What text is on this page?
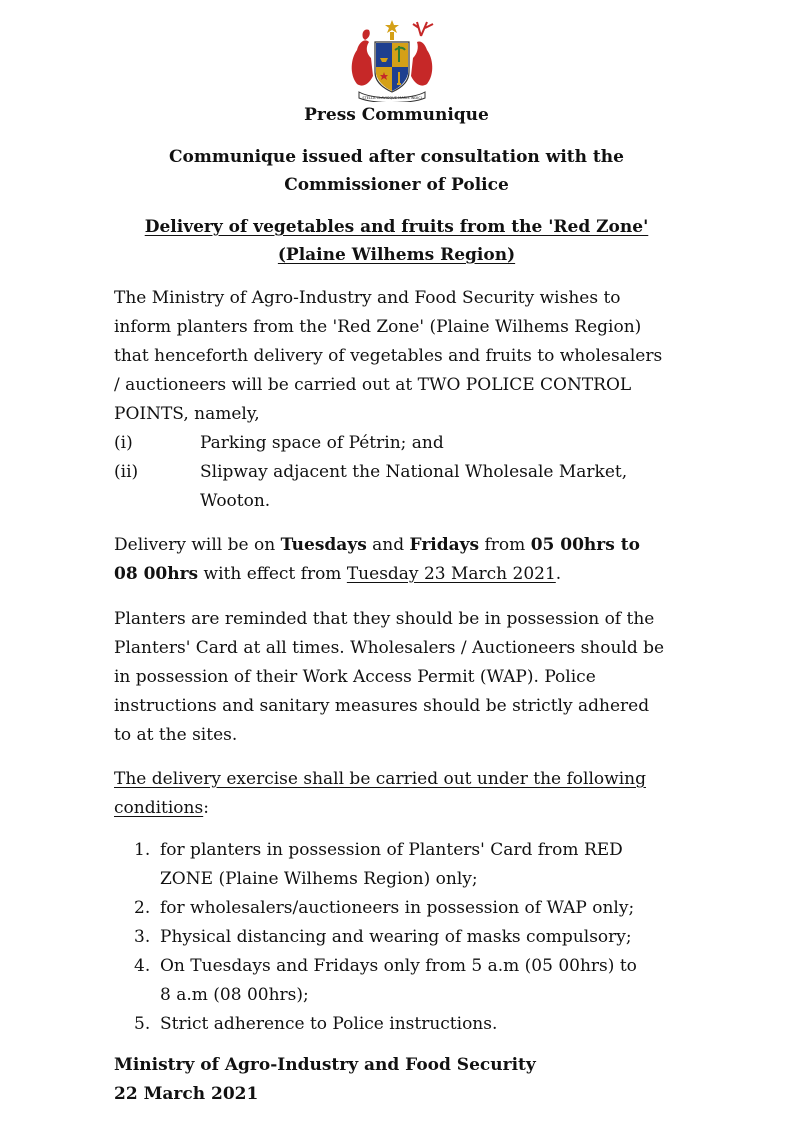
STELLA CLAVISQUE MARIS INDICI
Press Communique
Communique issued after consultation with the
Commissioner of Police
Delivery of vegetables and fruits from the 'Red Zone'
(Plaine Wilhems Region)
The Ministry of Agro-Industry and Food Security wishes to
inform planters from the 'Red Zone' (Plaine Wilhems Region)
that henceforth delivery of vegetables and fruits to wholesalers
/ auctioneers will be carried out at TWO POLICE CONTROL
POINTS, namely,
(i)	Parking space of Pétrin; and
(ii)	Slipway adjacent the National Wholesale Market,
Wooton.
Delivery will be on Tuesdays and Fridays from 05 00hrs to
08 00hrs with effect from Tuesday 23 March 2021.
Planters are reminded that they should be in possession of the
Planters' Card at all times. Wholesalers / Auctioneers should be
in possession of their Work Access Permit (WAP). Police
instructions and sanitary measures should be strictly adhered
to at the sites.
The delivery exercise shall be carried out under the following
conditions:
1. for planters in possession of Planters' Card from RED
ZONE (Plaine Wilhems Region) only;
2. for wholesalers/auctioneers in possession of WAP only;
3. Physical distancing and wearing of masks compulsory;
4. On Tuesdays and Fridays only from 5 a.m (05 00hrs) to
8 a.m (08 00hrs);
5. Strict adherence to Police instructions.
Ministry of Agro-Industry and Food Security
22 March 2021
